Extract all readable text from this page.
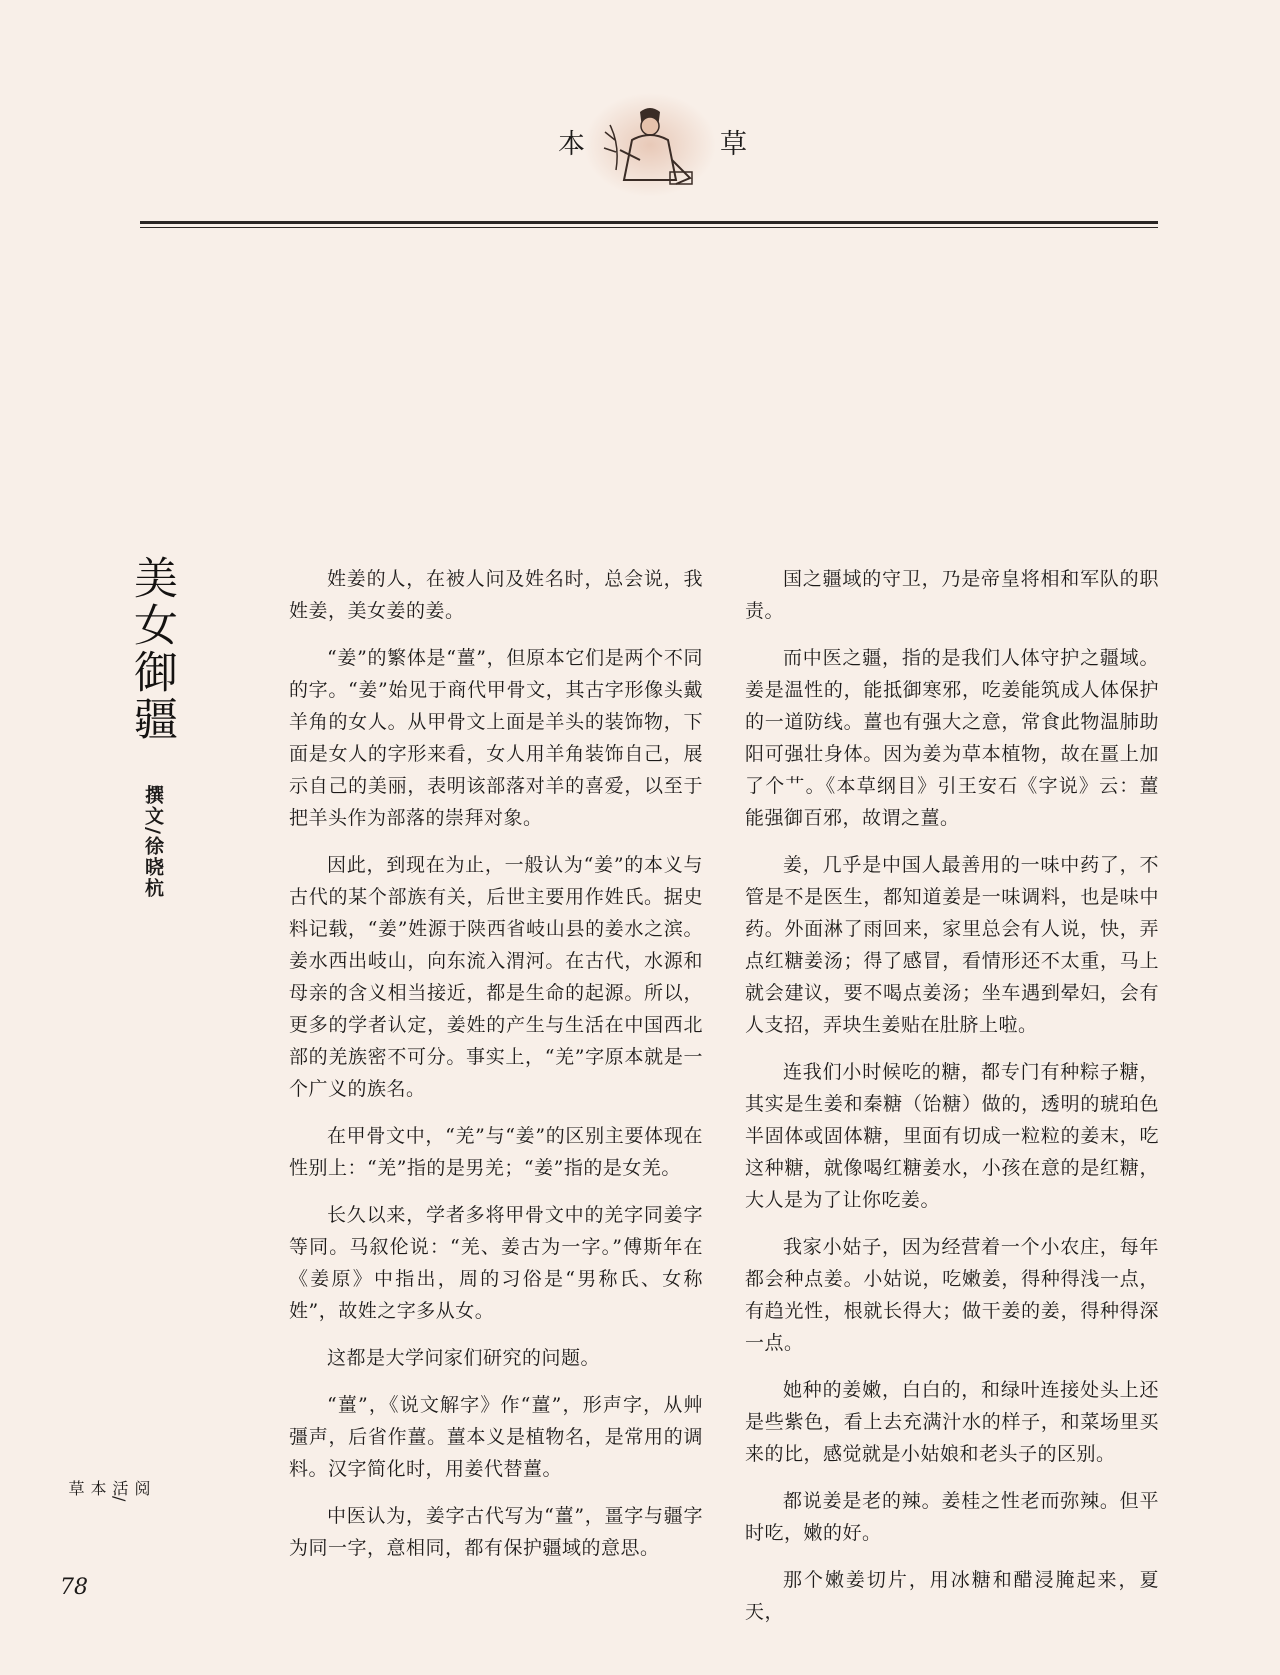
本	草
美女御疆
撰文/徐晓杭

姓姜的人，在被人问及姓名时，总会说，我姓姜，美女姜的姜。

“姜”的繁体是“薑”，但原本它们是两个不同的字。“姜”始见于商代甲骨文，其古字形像头戴羊角的女人。从甲骨文上面是羊头的装饰物，下面是女人的字形来看，女人用羊角装饰自己，展示自己的美丽，表明该部落对羊的喜爱，以至于把羊头作为部落的崇拜对象。

因此，到现在为止，一般认为“姜”的本义与古代的某个部族有关，后世主要用作姓氏。据史料记载，“姜”姓源于陕西省岐山县的姜水之滨。姜水西出岐山，向东流入渭河。在古代，水源和母亲的含义相当接近，都是生命的起源。所以，更多的学者认定，姜姓的产生与生活在中国西北部的羌族密不可分。事实上，“羌”字原本就是一个广义的族名。

在甲骨文中，“羌”与“姜”的区别主要体现在性别上：“羌”指的是男羌；“姜”指的是女羌。

长久以来，学者多将甲骨文中的羌字同姜字等同。马叙伦说：“羌、姜古为一字。”傅斯年在《姜原》中指出，周的习俗是“男称氏、女称姓”，故姓之字多从女。

这都是大学问家们研究的问题。

“薑”，《说文解字》作“薑”，形声字，从艸彊声，后省作薑。薑本义是植物名，是常用的调料。汉字简化时，用姜代替薑。

中医认为，姜字古代写为“薑”，畺字与疆字为同一字，意相同，都有保护疆域的意思。

国之疆域的守卫，乃是帝皇将相和军队的职责。

而中医之疆，指的是我们人体守护之疆域。姜是温性的，能抵御寒邪，吃姜能筑成人体保护的一道防线。薑也有强大之意，常食此物温肺助阳可强壮身体。因为姜为草本植物，故在畺上加了个艹。《本草纲目》引王安石《字说》云：薑能强御百邪，故谓之薑。

姜，几乎是中国人最善用的一味中药了，不管是不是医生，都知道姜是一味调料，也是味中药。外面淋了雨回来，家里总会有人说，快，弄点红糖姜汤；得了感冒，看情形还不太重，马上就会建议，要不喝点姜汤；坐车遇到晕妇，会有人支招，弄块生姜贴在肚脐上啦。

连我们小时候吃的糖，都专门有种粽子糖，其实是生姜和秦糖（饴糖）做的，透明的琥珀色半固体或固体糖，里面有切成一粒粒的姜末，吃这种糖，就像喝红糖姜水，小孩在意的是红糖，大人是为了让你吃姜。

我家小姑子，因为经营着一个小农庄，每年都会种点姜。小姑说，吃嫩姜，得种得浅一点，有趋光性，根就长得大；做干姜的姜，得种得深一点。

她种的姜嫩，白白的，和绿叶连接处头上还是些紫色，看上去充满汁水的样子，和菜场里买来的比，感觉就是小姑娘和老头子的区别。

都说姜是老的辣。姜桂之性老而弥辣。但平时吃，嫩的好。

那个嫩姜切片，用冰糖和醋浸腌起来，夏天，

阅活/本草
78
